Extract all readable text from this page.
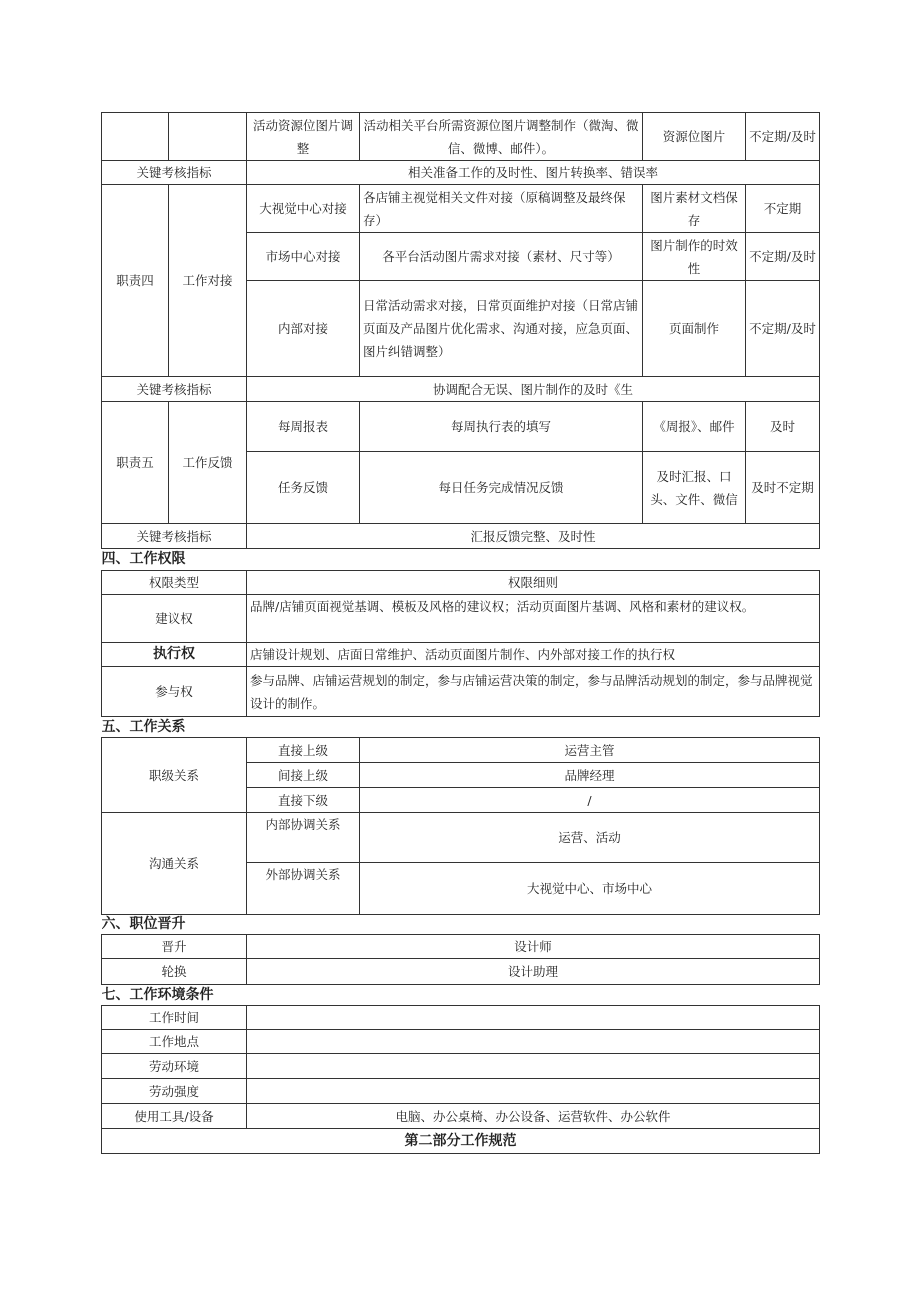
		活动资源位图片调整	活动相关平台所需资源位图片调整制作（微淘、微信、微博、邮件）。	资源位图片	不定期/及时
关键考核指标		相关准备工作的及时性、图片转换率、错误率			
职责四	工作对接	大视觉中心对接	各店铺主视觉相关文件对接（原稿调整及最终保存）	图片素材文档保存	不定期
		市场中心对接	各平台活动图片需求对接（素材、尺寸等）	图片制作的时效性	不定期/及时
		内部对接	日常活动需求对接，日常页面维护对接（日常店铺页面及产品图片优化需求、沟通对接，应急页面、图片纠错调整）	页面制作	不定期/及时
关键考核指标		协调配合无误、图片制作的及时《生			
职责五	工作反馈	每周报表	每周执行表的填写	《周报》、邮件	及时
		任务反馈	每日任务完成情况反馈	及时汇报、口头、文件、微信	及时不定期
关键考核指标		汇报反馈完整、及时性			
四、工作权限					
权限类型		权限细则			
建议权		品牌/店铺页面视觉基调、模板及风格的建议权；活动页面图片基调、风格和素材的建议权。			
执行权		店铺设计规划、店面日常维护、活动页面图片制作、内外部对接工作的执行权			
参与权		参与品牌、店铺运营规划的制定，参与店铺运营决策的制定，参与品牌活动规划的制定，参与品牌视觉设计的制作。			
五、工作关系					
职级关系		直接上级	运营主管		
		间接上级	品牌经理		
		直接下级	/		
沟通关系		内部协调关系	运营、活动		
		外部协调关系	大视觉中心、市场中心		
六、职位晋升					
晋升		设计师			
轮换		设计助理			
七、工作环境条件					
工作时间					
工作地点					
劳动环境					
劳动强度					
使用工具/设备		电脑、办公桌椅、办公设备、运营软件、办公软件			
第二部分工作规范					
